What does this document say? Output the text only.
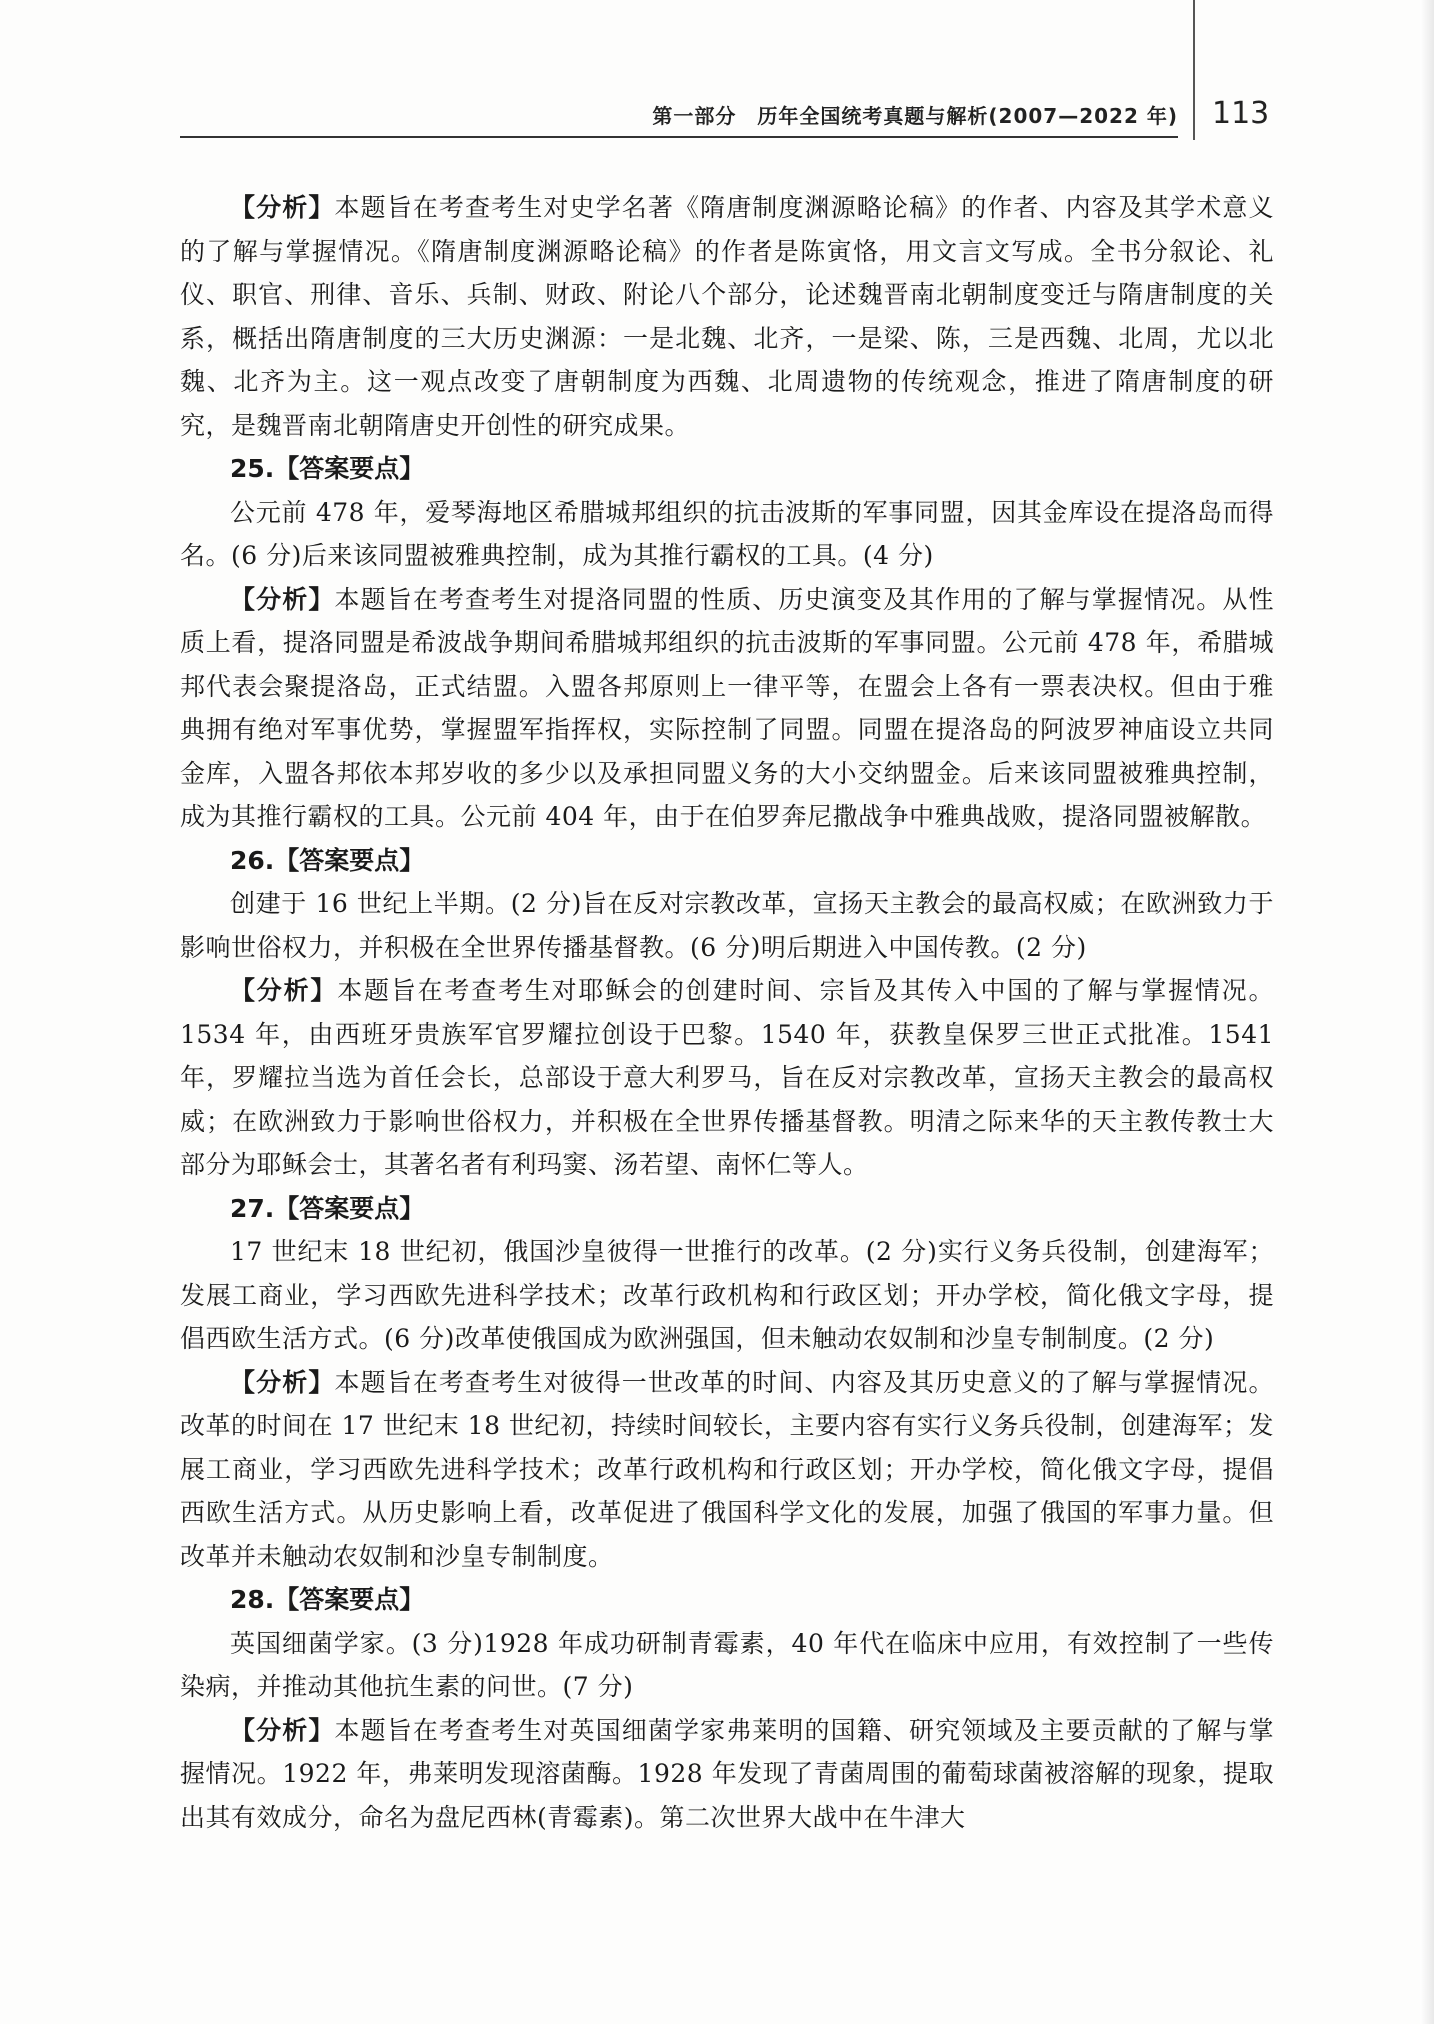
第一部分　历年全国统考真题与解析(2007—2022 年) 113

【分析】本题旨在考查考生对史学名著《隋唐制度渊源略论稿》的作者、内容及其学术意义的了解与掌握情况。《隋唐制度渊源略论稿》的作者是陈寅恪，用文言文写成。全书分叙论、礼仪、职官、刑律、音乐、兵制、财政、附论八个部分，论述魏晋南北朝制度变迁与隋唐制度的关系，概括出隋唐制度的三大历史渊源：一是北魏、北齐，一是梁、陈，三是西魏、北周，尤以北魏、北齐为主。这一观点改变了唐朝制度为西魏、北周遗物的传统观念，推进了隋唐制度的研究，是魏晋南北朝隋唐史开创性的研究成果。

25.【答案要点】

公元前 478 年，爱琴海地区希腊城邦组织的抗击波斯的军事同盟，因其金库设在提洛岛而得名。(6 分)后来该同盟被雅典控制，成为其推行霸权的工具。(4 分)

【分析】本题旨在考查考生对提洛同盟的性质、历史演变及其作用的了解与掌握情况。从性质上看，提洛同盟是希波战争期间希腊城邦组织的抗击波斯的军事同盟。公元前 478 年，希腊城邦代表会聚提洛岛，正式结盟。入盟各邦原则上一律平等，在盟会上各有一票表决权。但由于雅典拥有绝对军事优势，掌握盟军指挥权，实际控制了同盟。同盟在提洛岛的阿波罗神庙设立共同金库，入盟各邦依本邦岁收的多少以及承担同盟义务的大小交纳盟金。后来该同盟被雅典控制，成为其推行霸权的工具。公元前 404 年，由于在伯罗奔尼撒战争中雅典战败，提洛同盟被解散。

26.【答案要点】

创建于 16 世纪上半期。(2 分)旨在反对宗教改革，宣扬天主教会的最高权威；在欧洲致力于影响世俗权力，并积极在全世界传播基督教。(6 分)明后期进入中国传教。(2 分)

【分析】本题旨在考查考生对耶稣会的创建时间、宗旨及其传入中国的了解与掌握情况。1534 年，由西班牙贵族军官罗耀拉创设于巴黎。1540 年，获教皇保罗三世正式批准。1541 年，罗耀拉当选为首任会长，总部设于意大利罗马，旨在反对宗教改革，宣扬天主教会的最高权威；在欧洲致力于影响世俗权力，并积极在全世界传播基督教。明清之际来华的天主教传教士大部分为耶稣会士，其著名者有利玛窦、汤若望、南怀仁等人。

27.【答案要点】

17 世纪末 18 世纪初，俄国沙皇彼得一世推行的改革。(2 分)实行义务兵役制，创建海军；发展工商业，学习西欧先进科学技术；改革行政机构和行政区划；开办学校，简化俄文字母，提倡西欧生活方式。(6 分)改革使俄国成为欧洲强国，但未触动农奴制和沙皇专制制度。(2 分)

【分析】本题旨在考查考生对彼得一世改革的时间、内容及其历史意义的了解与掌握情况。改革的时间在 17 世纪末 18 世纪初，持续时间较长，主要内容有实行义务兵役制，创建海军；发展工商业，学习西欧先进科学技术；改革行政机构和行政区划；开办学校，简化俄文字母，提倡西欧生活方式。从历史影响上看，改革促进了俄国科学文化的发展，加强了俄国的军事力量。但改革并未触动农奴制和沙皇专制制度。

28.【答案要点】

英国细菌学家。(3 分)1928 年成功研制青霉素，40 年代在临床中应用，有效控制了一些传染病，并推动其他抗生素的问世。(7 分)

【分析】本题旨在考查考生对英国细菌学家弗莱明的国籍、研究领域及主要贡献的了解与掌握情况。1922 年，弗莱明发现溶菌酶。1928 年发现了青菌周围的葡萄球菌被溶解的现象，提取出其有效成分，命名为盘尼西林(青霉素)。第二次世界大战中在牛津大
